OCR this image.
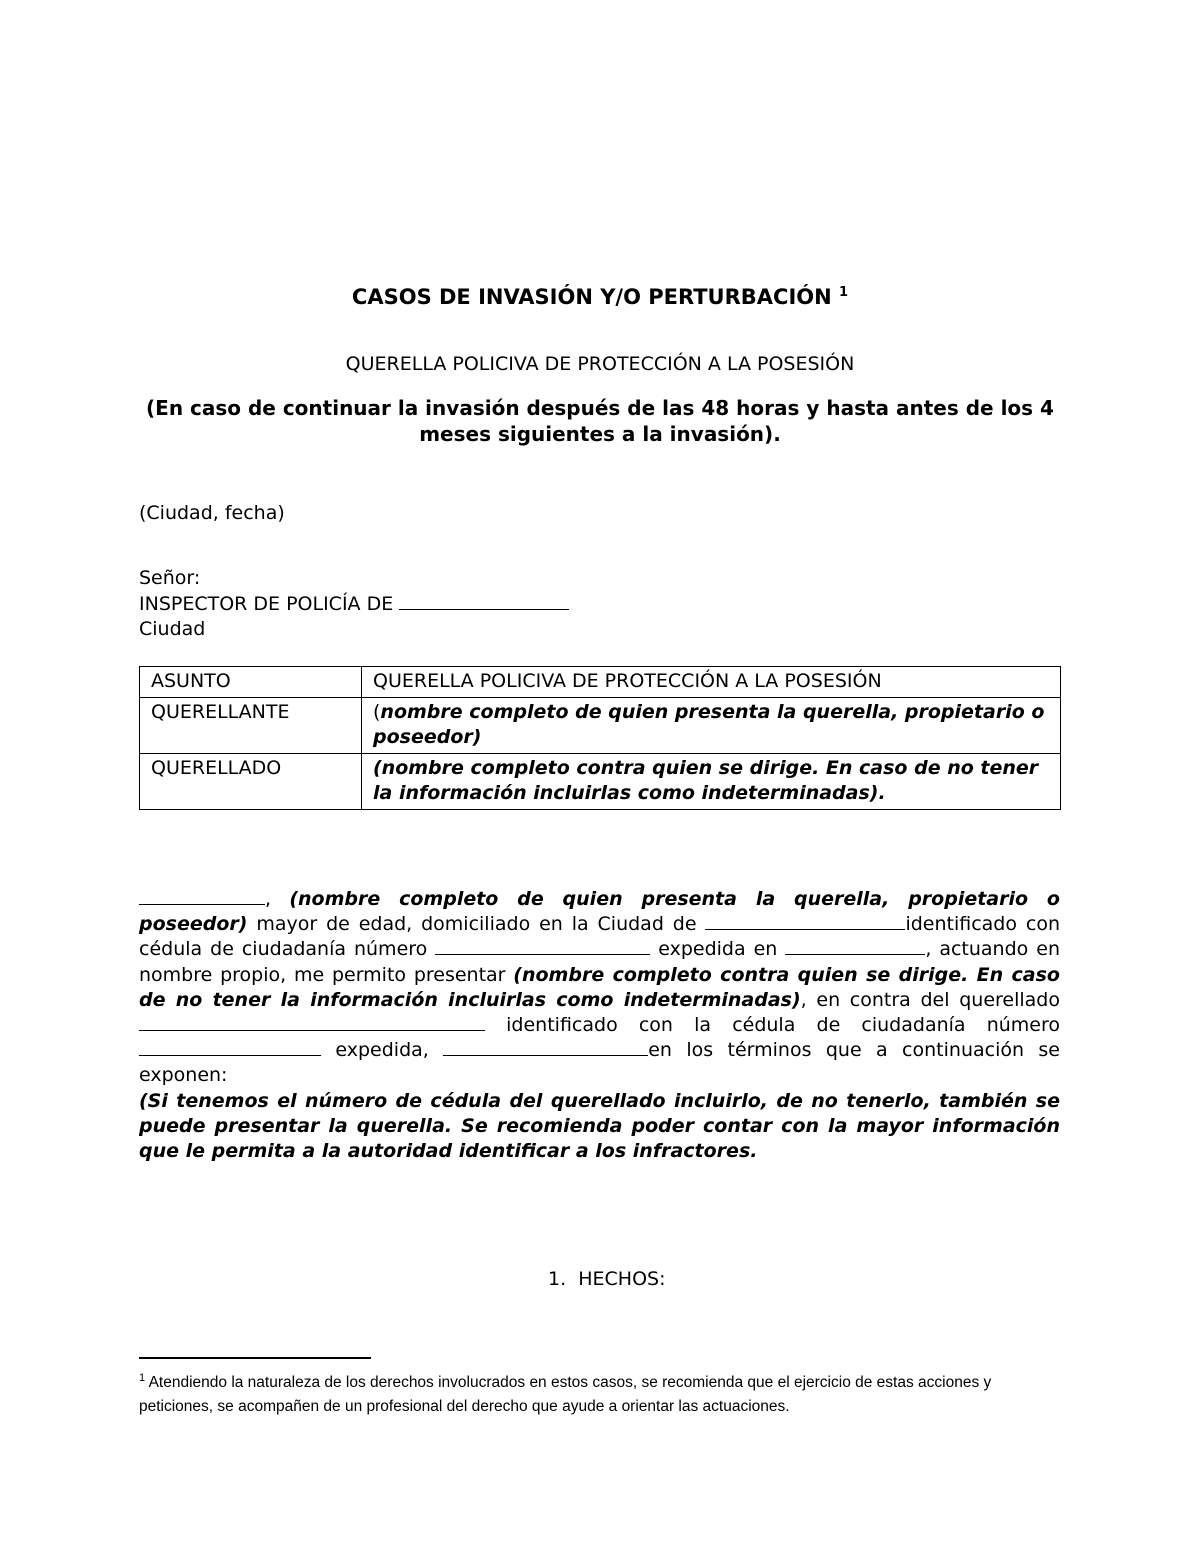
CASOS DE INVASIÓN Y/O PERTURBACIÓN $^1$
QUERELLA POLICIVA DE PROTECCIÓN A LA POSESIÓN
(En caso de continuar la invasión después de las 48 horas y hasta antes de los 4 meses siguientes a la invasión).
(Ciudad, fecha)
Señor:
INSPECTOR DE POLICÍA DE
Ciudad
ASUNTO	QUERELLA POLICIVA DE PROTECCIÓN A LA POSESIÓN
QUERELLANTE	(nombre completo de quien presenta la querella, propietario o poseedor)
QUERELLADO	(nombre completo contra quien se dirige. En caso de no tener la información incluirlas como indeterminadas).

, (nombre completo de quien presenta la querella, propietario o poseedor) mayor de edad, domiciliado en la Ciudad de	identificado con cédula de ciudadanía número	expedida en	, actuando en nombre propio, me permito presentar (nombre completo contra quien se dirige. En caso de no tener la información incluirlas como indeterminadas), en contra del querellado identificado con la cédula de ciudadanía número expedida,	en los términos que a continuación se exponen:

(Si tenemos el número de cédula del querellado incluirlo, de no tenerlo, también se puede presentar la querella. Se recomienda poder contar con la mayor información que le permita a la autoridad identificar a los infractores.

1. HECHOS:
$^1$ Atendiendo la naturaleza de los derechos involucrados en estos casos, se recomienda que el ejercicio de estas acciones y peticiones, se acompañen de un profesional del derecho que ayude a orientar las actuaciones.
